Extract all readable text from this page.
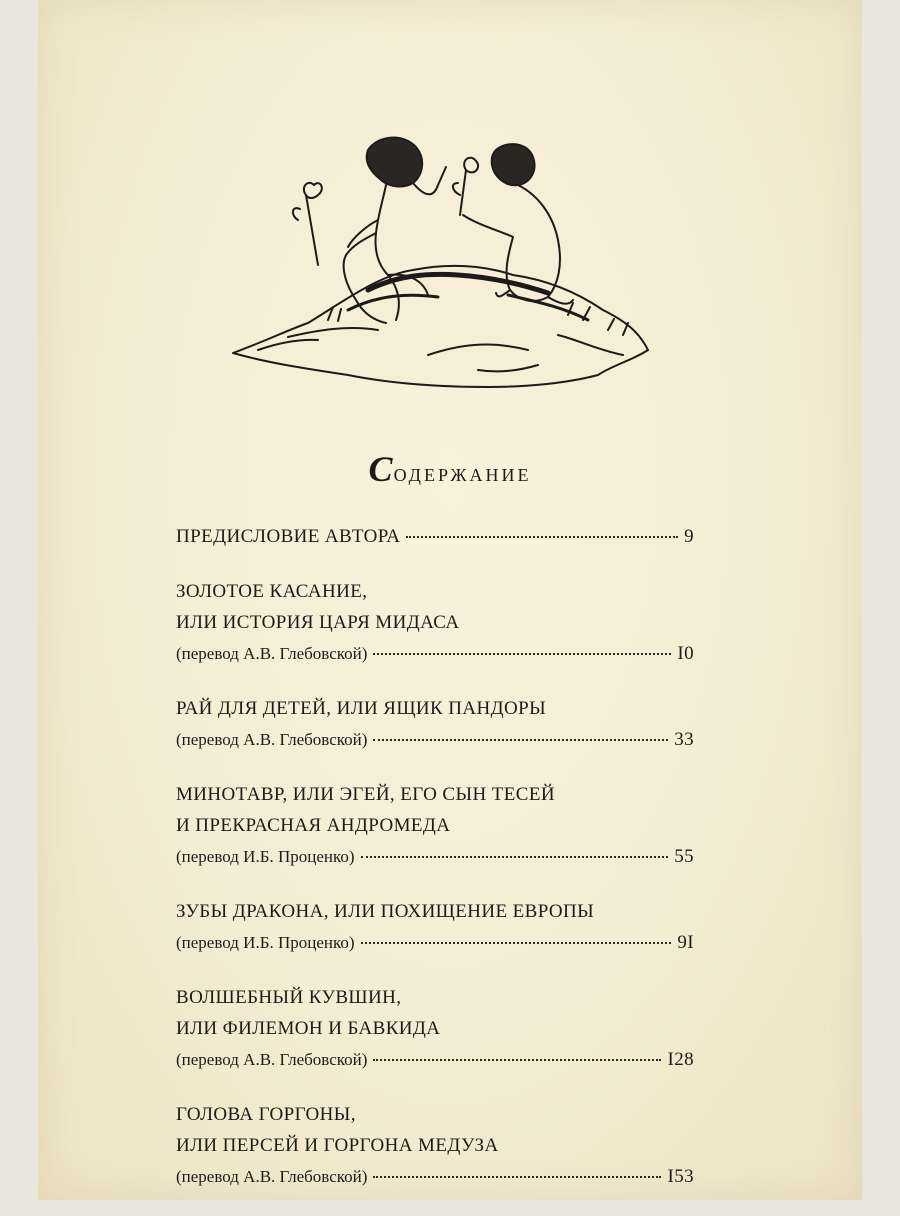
Содержание
ПРЕДИСЛОВИЕ АВТОРА	9
ЗОЛОТОЕ КАСАНИЕ,
ИЛИ ИСТОРИЯ ЦАРЯ МИДАСА
(перевод А.В. Глебовской)	I0
РАЙ ДЛЯ ДЕТЕЙ, ИЛИ ЯЩИК ПАНДОРЫ
(перевод А.В. Глебовской)	33
МИНОТАВР, ИЛИ ЭГЕЙ, ЕГО СЫН ТЕСЕЙ
И ПРЕКРАСНАЯ АНДРОМЕДА
(перевод И.Б. Проценко)	55
ЗУБЫ ДРАКОНА, ИЛИ ПОХИЩЕНИЕ ЕВРОПЫ
(перевод И.Б. Проценко)	9I
ВОЛШЕБНЫЙ КУВШИН,
ИЛИ ФИЛЕМОН И БАВКИДА
(перевод А.В. Глебовской)	I28
ГОЛОВА ГОРГОНЫ,
ИЛИ ПЕРСЕЙ И ГОРГОНА МЕДУЗА
(перевод А.В. Глебовской)	I53
